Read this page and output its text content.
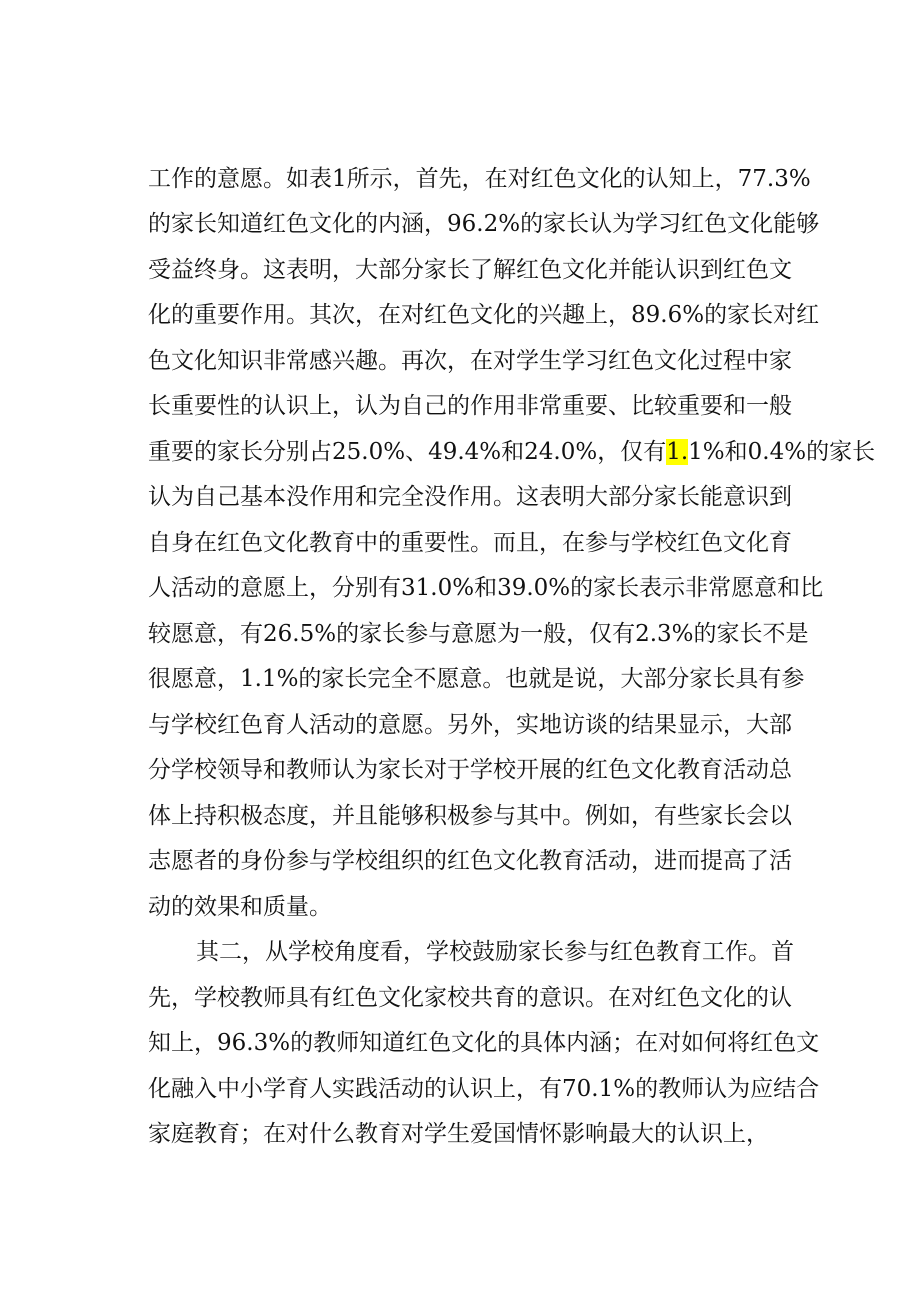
工作的意愿。如表1所示，首先，在对红色文化的认知上，77.3%
的家长知道红色文化的内涵，96.2%的家长认为学习红色文化能够
受益终身。这表明，大部分家长了解红色文化并能认识到红色文
化的重要作用。其次，在对红色文化的兴趣上，89.6%的家长对红
色文化知识非常感兴趣。再次，在对学生学习红色文化过程中家
长重要性的认识上，认为自己的作用非常重要、比较重要和一般
重要的家长分别占25.0%、49.4%和24.0%，仅有1.1%和0.4%的家长
认为自己基本没作用和完全没作用。这表明大部分家长能意识到
自身在红色文化教育中的重要性。而且，在参与学校红色文化育
人活动的意愿上，分别有31.0%和39.0%的家长表示非常愿意和比
较愿意，有26.5%的家长参与意愿为一般，仅有2.3%的家长不是
很愿意，1.1%的家长完全不愿意。也就是说，大部分家长具有参
与学校红色育人活动的意愿。另外，实地访谈的结果显示，大部
分学校领导和教师认为家长对于学校开展的红色文化教育活动总
体上持积极态度，并且能够积极参与其中。例如，有些家长会以
志愿者的身份参与学校组织的红色文化教育活动，进而提高了活
动的效果和质量。
其二，从学校角度看，学校鼓励家长参与红色教育工作。首
先，学校教师具有红色文化家校共育的意识。在对红色文化的认
知上，96.3%的教师知道红色文化的具体内涵；在对如何将红色文
化融入中小学育人实践活动的认识上，有70.1%的教师认为应结合
家庭教育；在对什么教育对学生爱国情怀影响最大的认识上，
